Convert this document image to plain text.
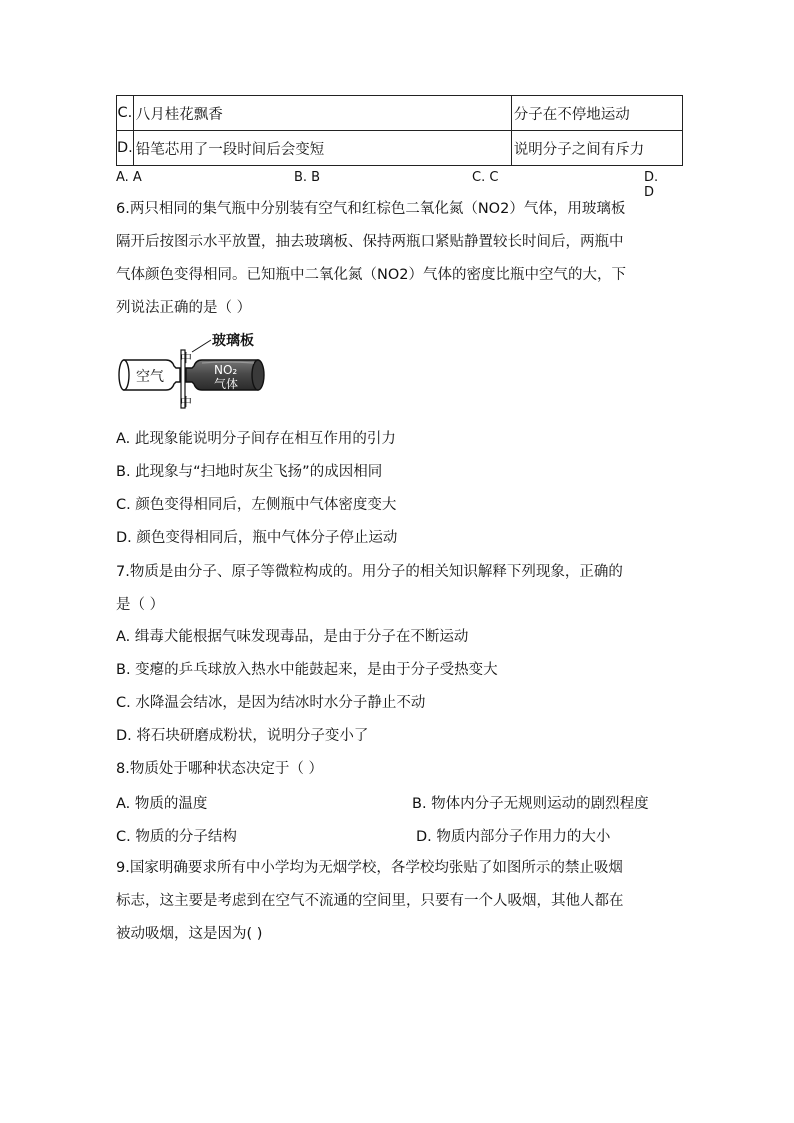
C.	八月桂花飘香	分子在不停地运动
D.	铅笔芯用了一段时间后会变短	说明分子之间有斥力
A. A	B. B	C. C	D. D
6.两只相同的集气瓶中分别装有空气和红棕色二氧化氮（NO2）气体，用玻璃板
隔开后按图示水平放置，抽去玻璃板、保持两瓶口紧贴静置较长时间后，两瓶中
气体颜色变得相同。已知瓶中二氧化氮（NO2）气体的密度比瓶中空气的大，下
列说法正确的是（ ）
空气
中
中
玻璃板
NO₂
气体
A. 此现象能说明分子间存在相互作用的引力
B. 此现象与“扫地时灰尘飞扬”的成因相同
C. 颜色变得相同后，左侧瓶中气体密度变大
D. 颜色变得相同后，瓶中气体分子停止运动
7.物质是由分子、原子等微粒构成的。用分子的相关知识解释下列现象，正确的
是（ ）
A. 缉毒犬能根据气味发现毒品，是由于分子在不断运动
B. 变瘪的乒乓球放入热水中能鼓起来，是由于分子受热变大
C. 水降温会结冰，是因为结冰时水分子静止不动
D. 将石块研磨成粉状，说明分子变小了
8.物质处于哪种状态决定于（ ）
A. 物质的温度	B. 物体内分子无规则运动的剧烈程度
C. 物质的分子结构	D. 物质内部分子作用力的大小
9.国家明确要求所有中小学均为无烟学校，各学校均张贴了如图所示的禁止吸烟
标志，这主要是考虑到在空气不流通的空间里，只要有一个人吸烟，其他人都在
被动吸烟，这是因为( )
